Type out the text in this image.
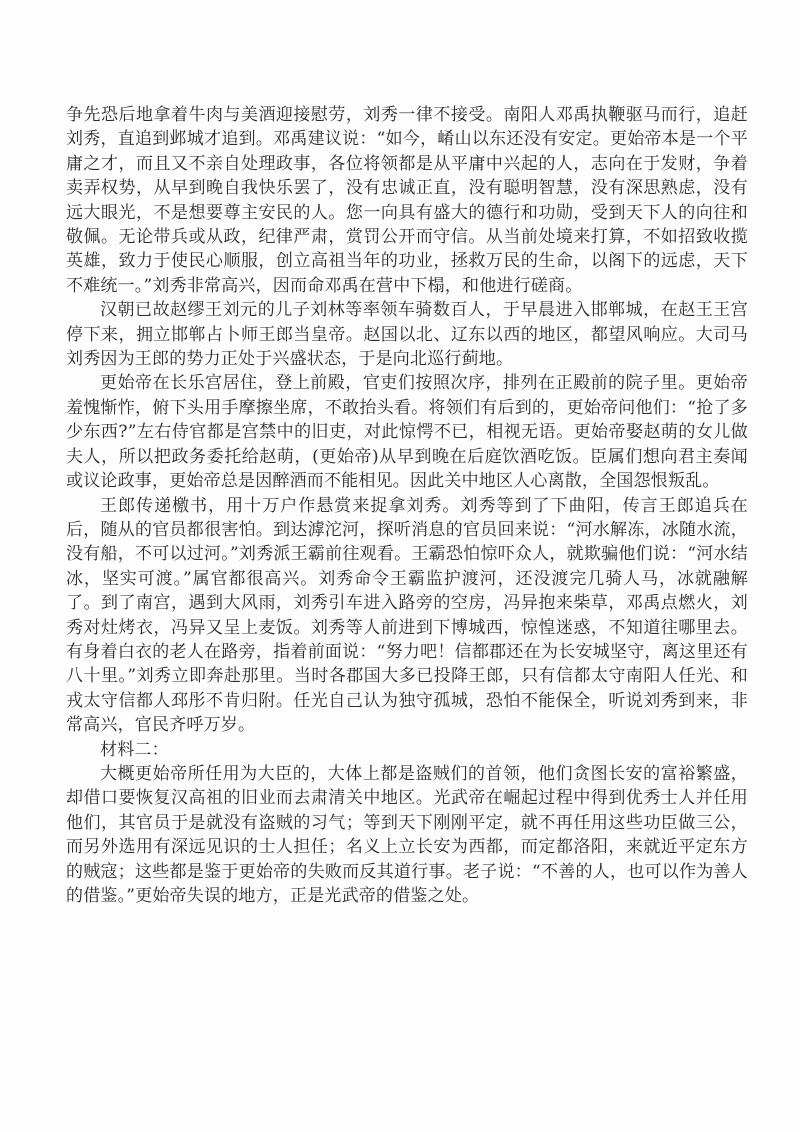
争先恐后地拿着牛肉与美酒迎接慰劳，刘秀一律不接受。南阳人邓禹执鞭驱马而行，追赶刘秀，直追到邺城才追到。邓禹建议说：“如今，崤山以东还没有安定。更始帝本是一个平庸之才，而且又不亲自处理政事，各位将领都是从平庸中兴起的人，志向在于发财，争着卖弄权势，从早到晚自我快乐罢了，没有忠诚正直，没有聪明智慧，没有深思熟虑，没有远大眼光，不是想要尊主安民的人。您一向具有盛大的德行和功勋，受到天下人的向往和敬佩。无论带兵或从政，纪律严肃，赏罚公开而守信。从当前处境来打算，不如招致收揽英雄，致力于使民心顺服，创立高祖当年的功业，拯救万民的生命，以阁下的远虑，天下不难统一。”刘秀非常高兴，因而命邓禹在营中下榻，和他进行磋商。

汉朝已故赵缪王刘元的儿子刘林等率领车骑数百人，于早晨进入邯郸城，在赵王王宫停下来，拥立邯郸占卜师王郎当皇帝。赵国以北、辽东以西的地区，都望风响应。大司马刘秀因为王郎的势力正处于兴盛状态，于是向北巡行蓟地。

更始帝在长乐宫居住，登上前殿，官吏们按照次序，排列在正殿前的院子里。更始帝羞愧惭怍，俯下头用手摩擦坐席，不敢抬头看。将领们有后到的，更始帝问他们：“抢了多少东西?”左右侍官都是宫禁中的旧吏，对此惊愕不已，相视无语。更始帝娶赵萌的女儿做夫人，所以把政务委托给赵萌，(更始帝)从早到晚在后庭饮酒吃饭。臣属们想向君主奏闻或议论政事，更始帝总是因醉酒而不能相见。因此关中地区人心离散，全国怨恨叛乱。

王郎传递檄书，用十万户作悬赏来捉拿刘秀。刘秀等到了下曲阳，传言王郎追兵在后，随从的官员都很害怕。到达滹沱河，探听消息的官员回来说：“河水解冻，冰随水流，没有船，不可以过河。”刘秀派王霸前往观看。王霸恐怕惊吓众人，就欺骗他们说：“河水结冰，坚实可渡。”属官都很高兴。刘秀命令王霸监护渡河，还没渡完几骑人马，冰就融解了。到了南宫，遇到大风雨，刘秀引车进入路旁的空房，冯异抱来柴草，邓禹点燃火，刘秀对灶烤衣，冯异又呈上麦饭。刘秀等人前进到下博城西，惊惶迷惑，不知道往哪里去。有身着白衣的老人在路旁，指着前面说：“努力吧！信都郡还在为长安城坚守，离这里还有八十里。”刘秀立即奔赴那里。当时各郡国大多已投降王郎，只有信都太守南阳人任光、和戎太守信都人邳彤不肯归附。任光自己认为独守孤城，恐怕不能保全，听说刘秀到来，非常高兴，官民齐呼万岁。

材料二：

大概更始帝所任用为大臣的，大体上都是盗贼们的首领，他们贪图长安的富裕繁盛，却借口要恢复汉高祖的旧业而去肃清关中地区。光武帝在崛起过程中得到优秀士人并任用他们，其官员于是就没有盗贼的习气；等到天下刚刚平定，就不再任用这些功臣做三公，而另外选用有深远见识的士人担任；名义上立长安为西都，而定都洛阳，来就近平定东方的贼寇；这些都是鉴于更始帝的失败而反其道行事。老子说：“不善的人，也可以作为善人的借鉴。”更始帝失误的地方，正是光武帝的借鉴之处。
